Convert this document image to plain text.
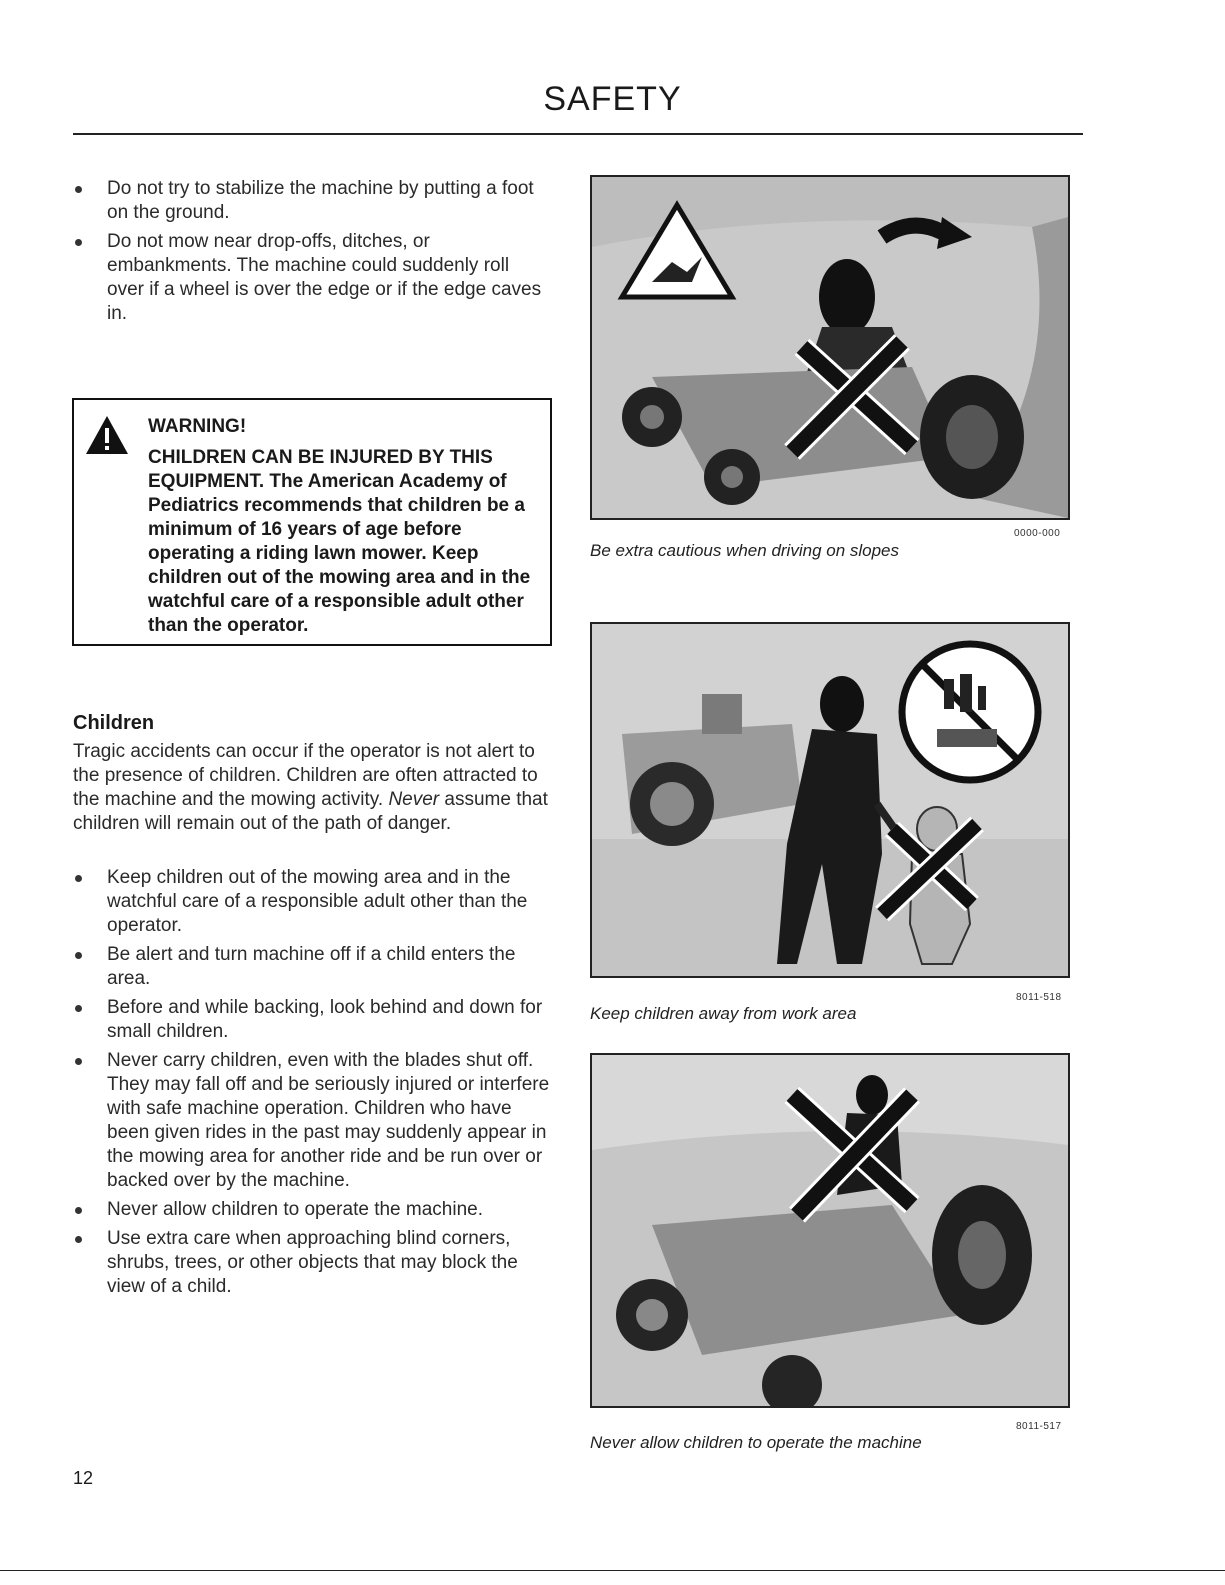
SAFETY
Do not try to stabilize the machine by putting a foot on the ground.
Do not mow near drop-offs, ditches, or embankments. The machine could suddenly roll over if a wheel is over the edge or if the edge caves in.
WARNING!
CHILDREN CAN BE INJURED BY THIS EQUIPMENT. The American Academy of Pediatrics recommends that children be a minimum of 16 years of age before operating a riding lawn mower. Keep children out of the mowing area and in the watchful care of a responsible adult other than the operator.
Children
Tragic accidents can occur if the operator is not alert to the presence of children. Children are often attracted to the machine and the mowing activity. Never assume that children will remain out of the path of danger.
Keep children out of the mowing area and in the watchful care of a responsible adult other than the operator.
Be alert and turn machine off if a child enters the area.
Before and while backing, look behind and down for small children.
Never carry children, even with the blades shut off. They may fall off and be seriously injured or interfere with safe machine operation. Children who have been given rides in the past may suddenly appear in the mowing area for another ride and be run over or backed over by the machine.
Never allow children to operate the machine.
Use extra care when approaching blind corners, shrubs, trees, or other objects that may block the view of a child.
0000-000
Be extra cautious when driving on slopes
8011-518
Keep children away from work area
8011-517
Never allow children to operate the machine
12
